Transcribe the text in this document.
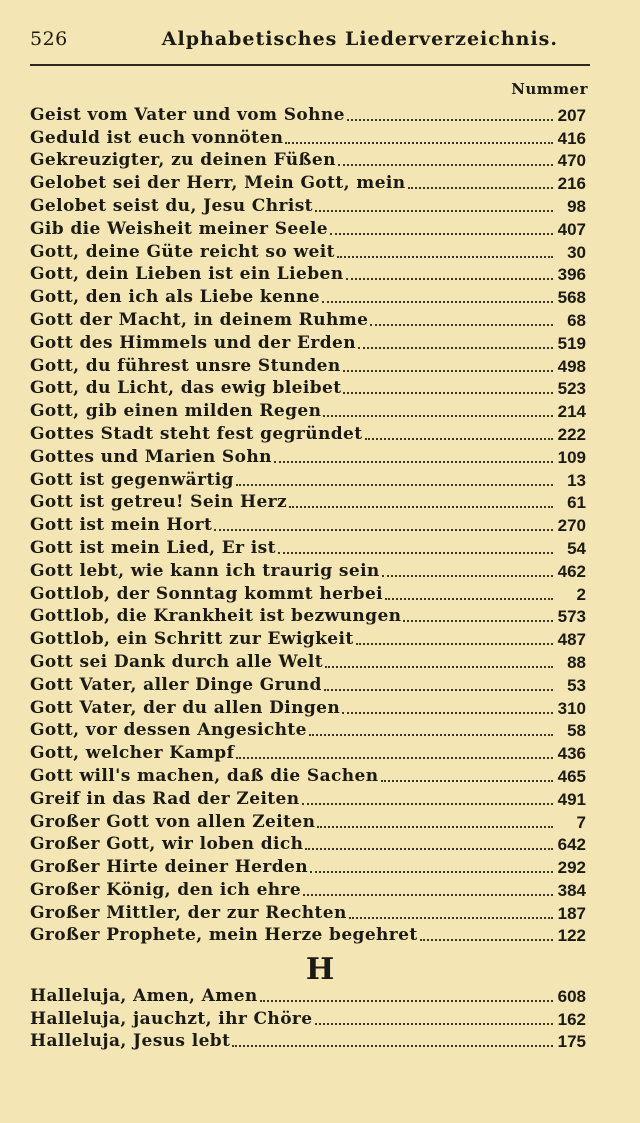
526	Alphabetisches Liederverzeichnis.
Nummer
Geist vom Vater und vom Sohne	207
Geduld ist euch vonnöten	416
Gekreuzigter, zu deinen Füßen	470
Gelobet sei der Herr, Mein Gott, mein	216
Gelobet seist du, Jesu Christ	98
Gib die Weisheit meiner Seele	407
Gott, deine Güte reicht so weit	30
Gott, dein Lieben ist ein Lieben	396
Gott, den ich als Liebe kenne	568
Gott der Macht, in deinem Ruhme	68
Gott des Himmels und der Erden	519
Gott, du führest unsre Stunden	498
Gott, du Licht, das ewig bleibet	523
Gott, gib einen milden Regen	214
Gottes Stadt steht fest gegründet	222
Gottes und Marien Sohn	109
Gott ist gegenwärtig	13
Gott ist getreu! Sein Herz	61
Gott ist mein Hort	270
Gott ist mein Lied, Er ist	54
Gott lebt, wie kann ich traurig sein	462
Gottlob, der Sonntag kommt herbei	2
Gottlob, die Krankheit ist bezwungen	573
Gottlob, ein Schritt zur Ewigkeit	487
Gott sei Dank durch alle Welt	88
Gott Vater, aller Dinge Grund	53
Gott Vater, der du allen Dingen	310
Gott, vor dessen Angesichte	58
Gott, welcher Kampf	436
Gott will's machen, daß die Sachen	465
Greif in das Rad der Zeiten	491
Großer Gott von allen Zeiten	7
Großer Gott, wir loben dich	642
Großer Hirte deiner Herden	292
Großer König, den ich ehre	384
Großer Mittler, der zur Rechten	187
Großer Prophete, mein Herze begehret	122
H
Halleluja, Amen, Amen	608
Halleluja, jauchzt, ihr Chöre	162
Halleluja, Jesus lebt	175
